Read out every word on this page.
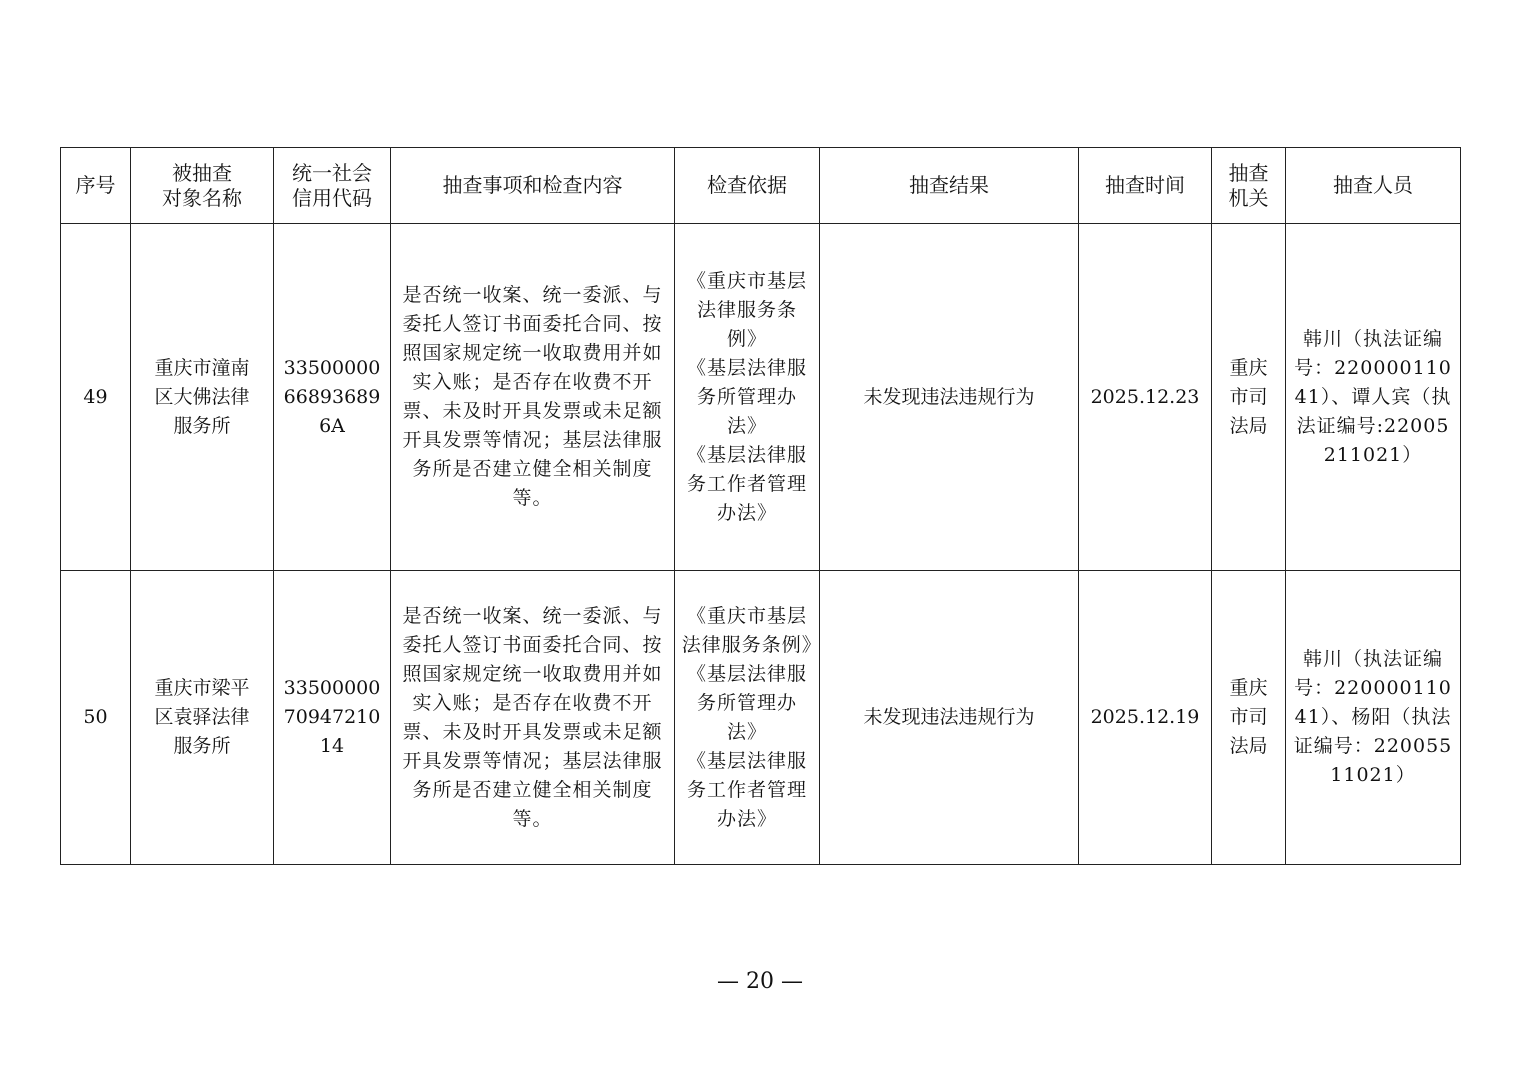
序号	被抽查
对象名称	统一社会
信用代码	抽查事项和检查内容	检查依据	抽查结果	抽查时间	抽查
机关	抽查人员
49	重庆市潼南
区大佛法律
服务所	33500000
66893689
6A	是否统一收案、统一委派、与委托人签订书面委托合同、按照国家规定统一收取费用并如实入账；是否存在收费不开票、未及时开具发票或未足额开具发票等情况；基层法律服务所是否建立健全相关制度等。	《重庆市基层法律服务条例》
《基层法律服务所管理办法》
《基层法律服务工作者管理办法》	未发现违法违规行为	2025.12.23	重庆
市司
法局	韩川（执法证编号：22000011041）、谭人宾（执法证编号:22005211021）
50	重庆市梁平
区袁驿法律
服务所	33500000
70947210
14	是否统一收案、统一委派、与委托人签订书面委托合同、按照国家规定统一收取费用并如实入账；是否存在收费不开票、未及时开具发票或未足额开具发票等情况；基层法律服务所是否建立健全相关制度等。	《重庆市基层法律服务条例》《基层法律服务所管理办法》
《基层法律服务工作者管理办法》	未发现违法违规行为	2025.12.19	重庆
市司
法局	韩川（执法证编号：22000011041）、杨阳（执法证编号：22005511021）
— 20 —
